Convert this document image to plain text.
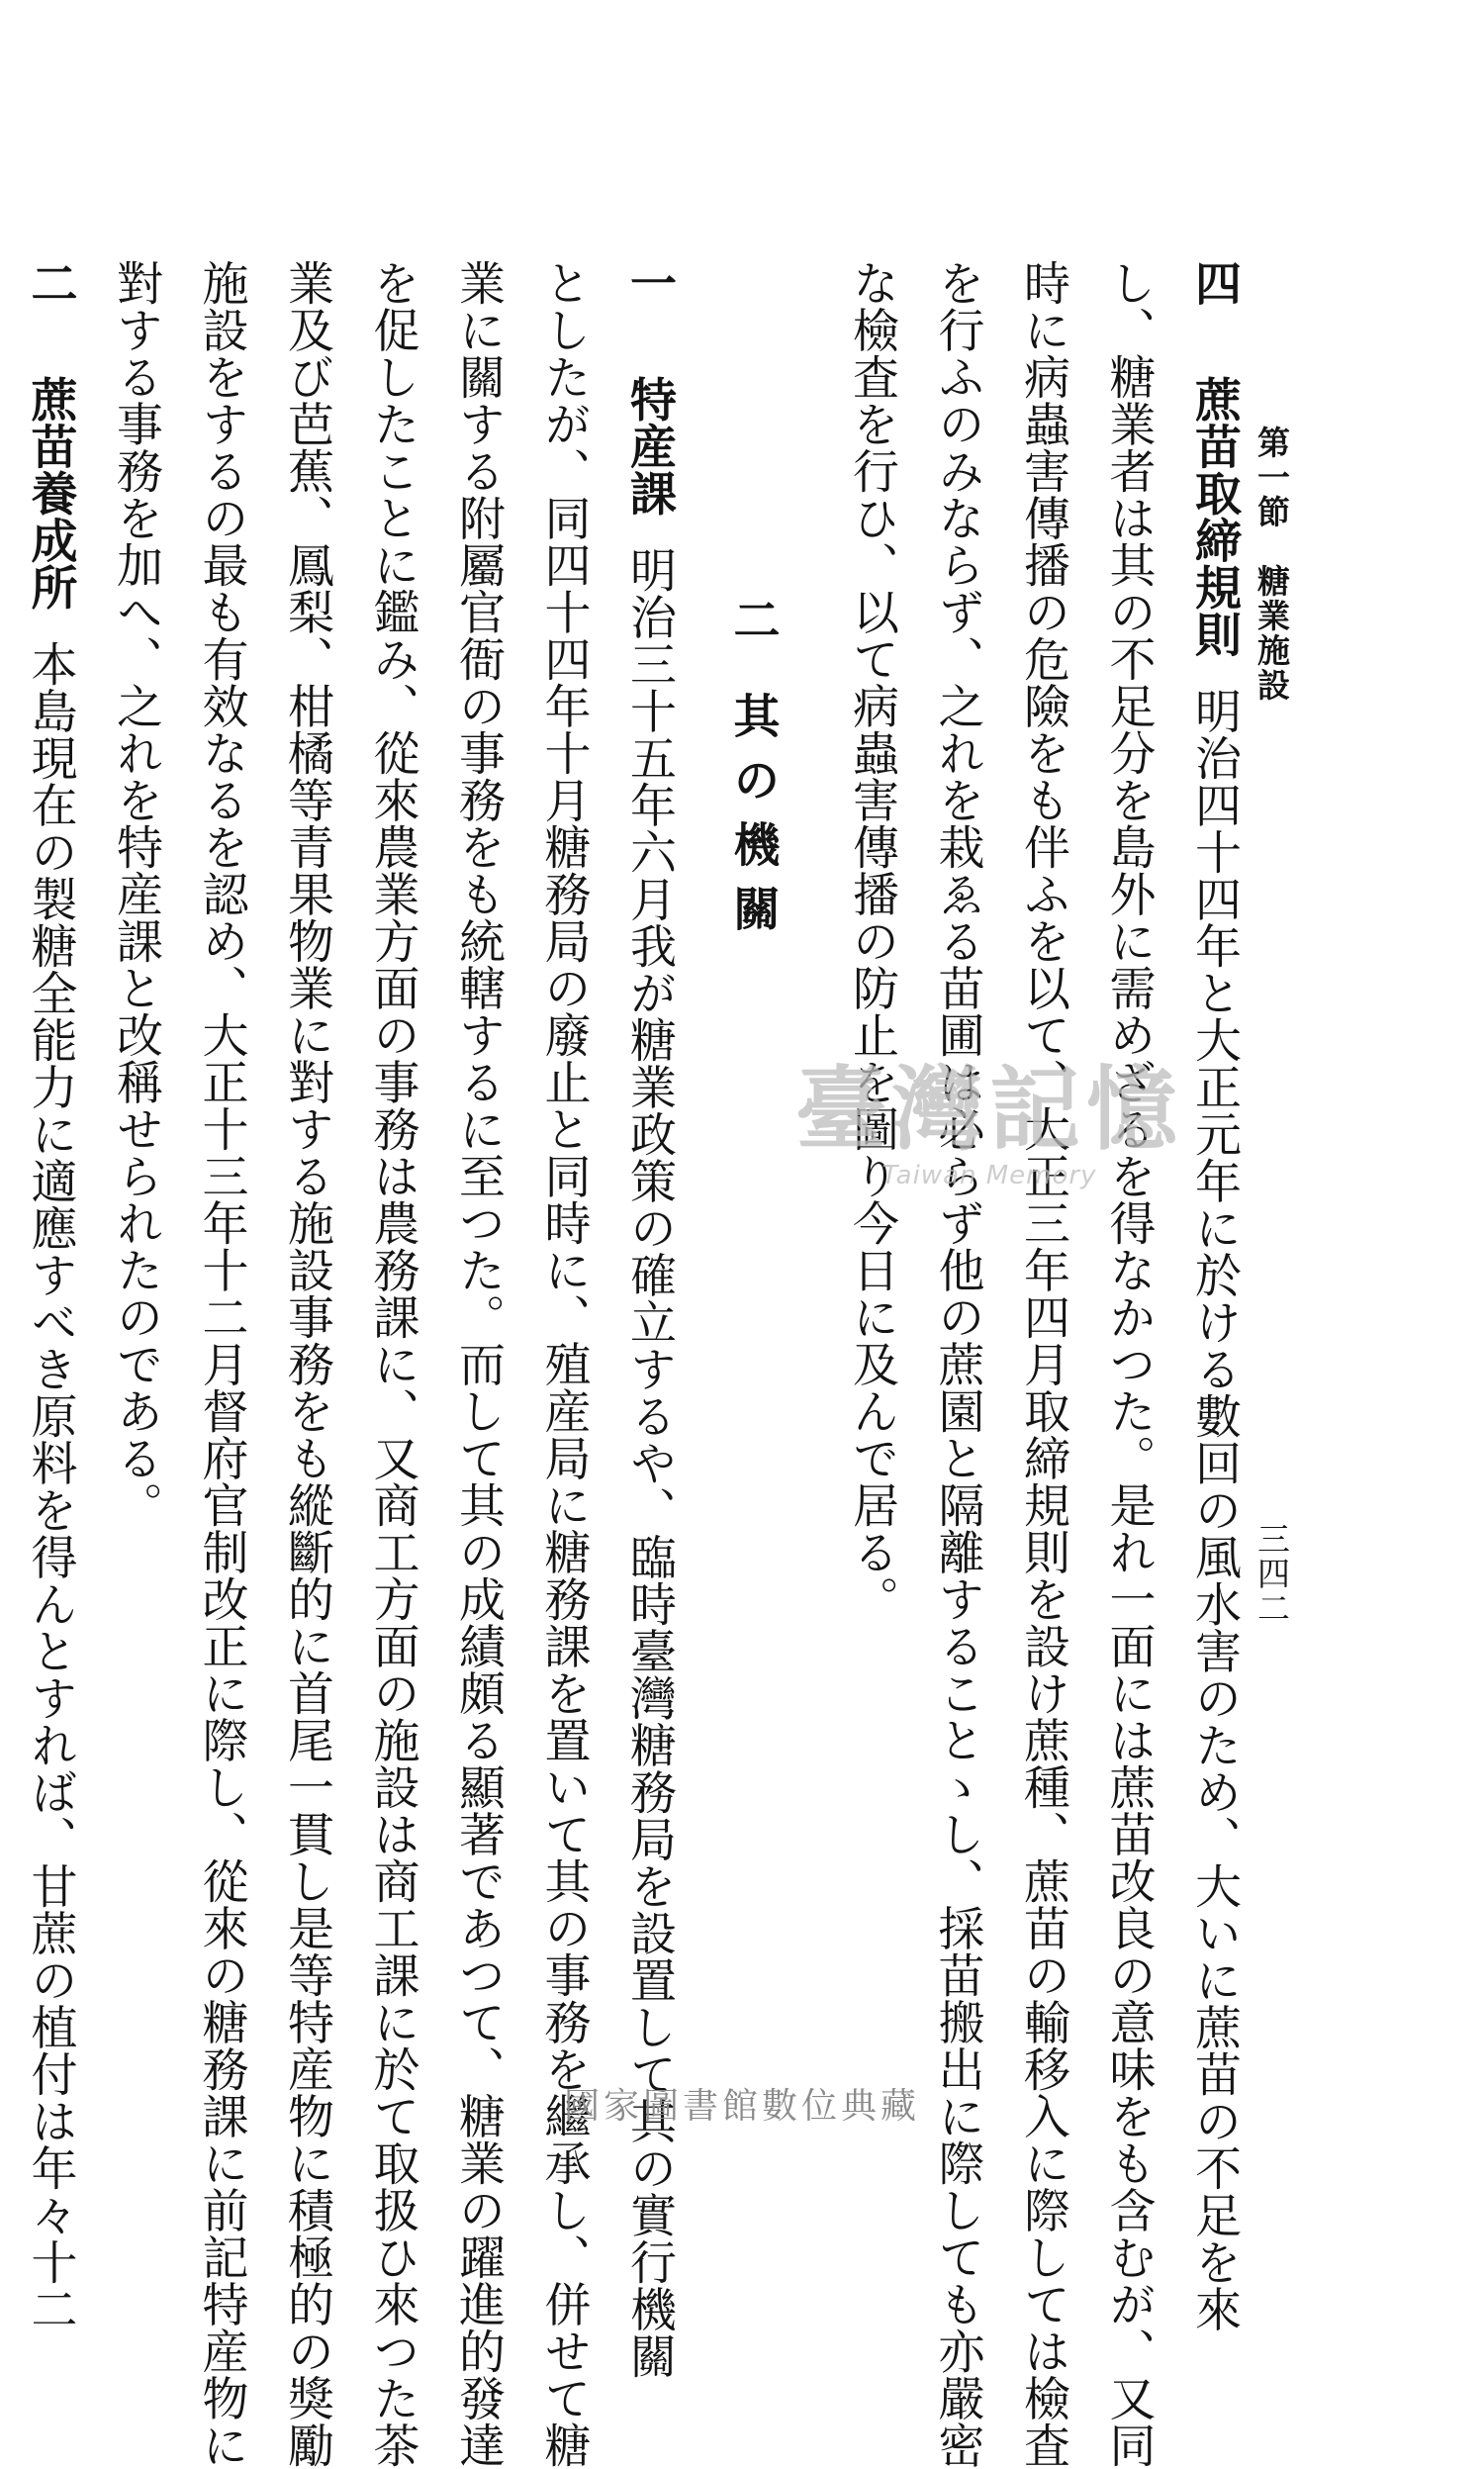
第一節　糖業施設
三四二
四蔗苗取締規則明治四十四年と大正元年に於ける數回の風水害のため、大いに蔗苗の不足を來
し、糖業者は其の不足分を島外に需めざるを得なかつた。是れ一面には蔗苗改良の意味をも含むが、又同
時に病蟲害傳播の危險をも伴ふを以て、大正三年四月取締規則を設け蔗種、蔗苗の輸移入に際しては檢査
を行ふのみならず、之れを栽ゑる苗圃は必らず他の蔗園と隔離することゝし、採苗搬出に際しても亦嚴密
な檢査を行ひ、以て病蟲害傳播の防止を圖り今日に及んで居る。
二其の機關
一特産課明治三十五年六月我が糖業政策の確立するや、臨時臺灣糖務局を設置して其の實行機關
としたが、同四十四年十月糖務局の廢止と同時に、殖産局に糖務課を置いて其の事務を繼承し、併せて糖
業に關する附屬官衙の事務をも統轄するに至つた。而して其の成績頗る顯著であつて、糖業の躍進的發達
を促したことに鑑み、從來農業方面の事務は農務課に、又商工方面の施設は商工課に於て取扱ひ來つた茶
業及び芭蕉、鳳梨、柑橘等青果物業に對する施設事務をも縱斷的に首尾一貫し是等特産物に積極的の獎勵
施設をするの最も有效なるを認め、大正十三年十二月督府官制改正に際し、從來の糖務課に前記特産物に
對する事務を加へ、之れを特産課と改稱せられたのである。
二蔗苗養成所本島現在の製糖全能力に適應すべき原料を得んとすれば、甘蔗の植付は年々十二	臺灣記憶
Taiwan Memory
國家圖書館數位典藏
